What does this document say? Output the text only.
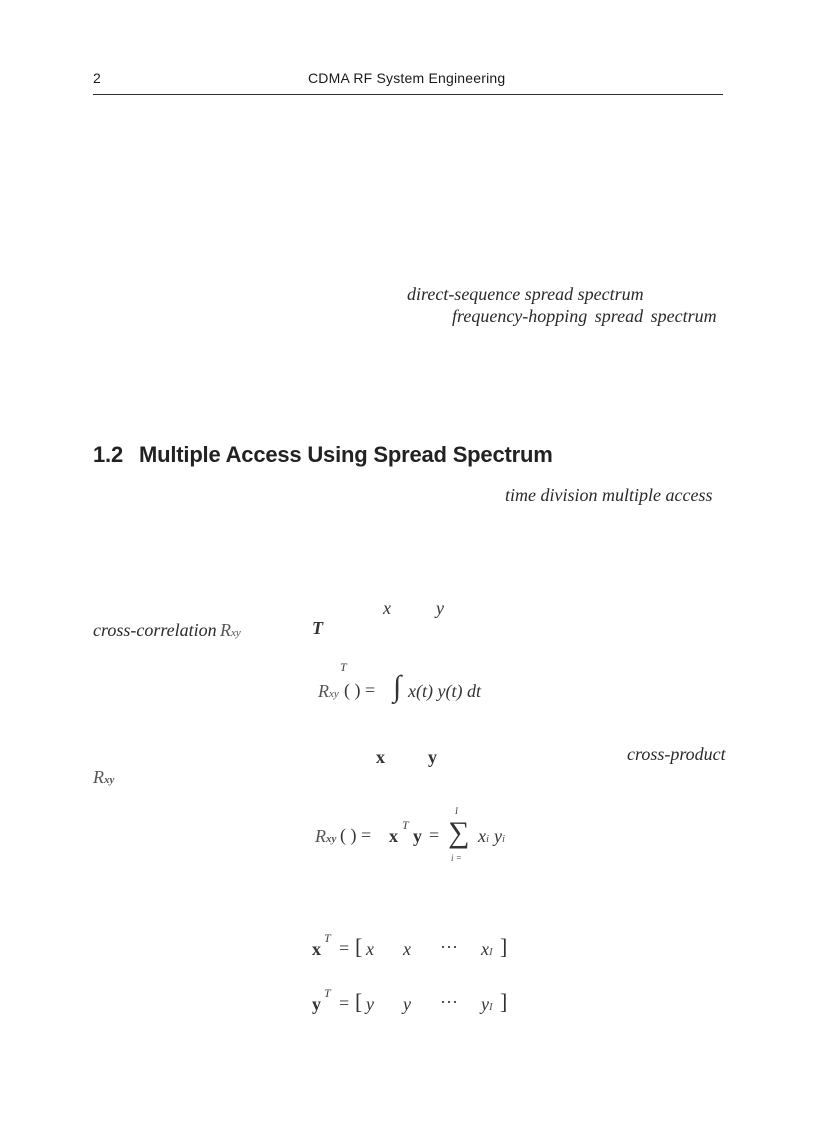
2	CDMA RF System Engineering
direct-sequence spread spectrum
frequency-hopping spread spectrum
1.2 Multiple Access Using Spread Spectrum
time division multiple access
x	y
cross-correlation Rxy	T
T
Rxy ( ) = ∫ x(t) y(t) dt
x y	cross-product
Rxy
Rxy ( ) = x
T
y =
I
∑
i =
xi yi
x
T = [ x x ··· xI ]
y
T = [ y y ··· yI ]
